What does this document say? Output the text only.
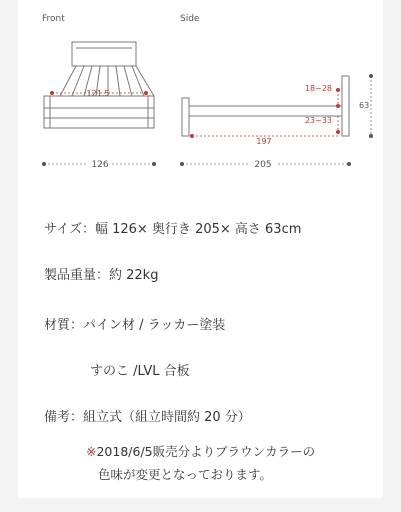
Front	Side
121.5
126
63
18~28
23~33
197
205
サイズ：幅 126× 奥行き 205× 高さ 63cm
製品重量：約 22kg
材質：パイン材 / ラッカー塗装
すのこ /LVL 合板
備考：組立式（組立時間約 20 分）
※2018/6/5販売分よりブラウンカラーの
色味が変更となっております。
